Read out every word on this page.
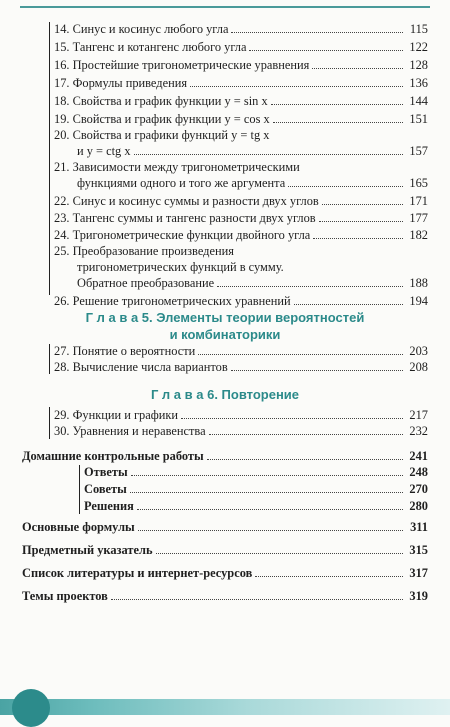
14. Синус и косинус любого угла	115
15. Тангенс и котангенс любого угла	122
16. Простейшие тригонометрические уравнения	128
17. Формулы приведения	136
18. Свойства и график функции y = sin x	144
19. Свойства и график функции y = cos x	151
20. Свойства и графики функций y = tg x
и y = ctg x	157
21. Зависимости между тригонометрическими
функциями одного и того же аргумента	165
22. Синус и косинус суммы и разности двух углов	171
23. Тангенс суммы и тангенс разности двух углов	177
24. Тригонометрические функции двойного угла	182
25. Преобразование произведения
тригонометрических функций в сумму.
Обратное преобразование	188
26. Решение тригонометрических уравнений	194
Г л а в а 5. Элементы теории вероятностей
и комбинаторики
27. Понятие о вероятности	203
28. Вычисление числа вариантов	208
Г л а в а 6. Повторение
29. Функции и графики	217
30. Уравнения и неравенства	232
Домашние контрольные работы	241
Ответы	248
Советы	270
Решения	280
Основные формулы	311
Предметный указатель	315
Список литературы и интернет-ресурсов	317
Темы проектов	319
